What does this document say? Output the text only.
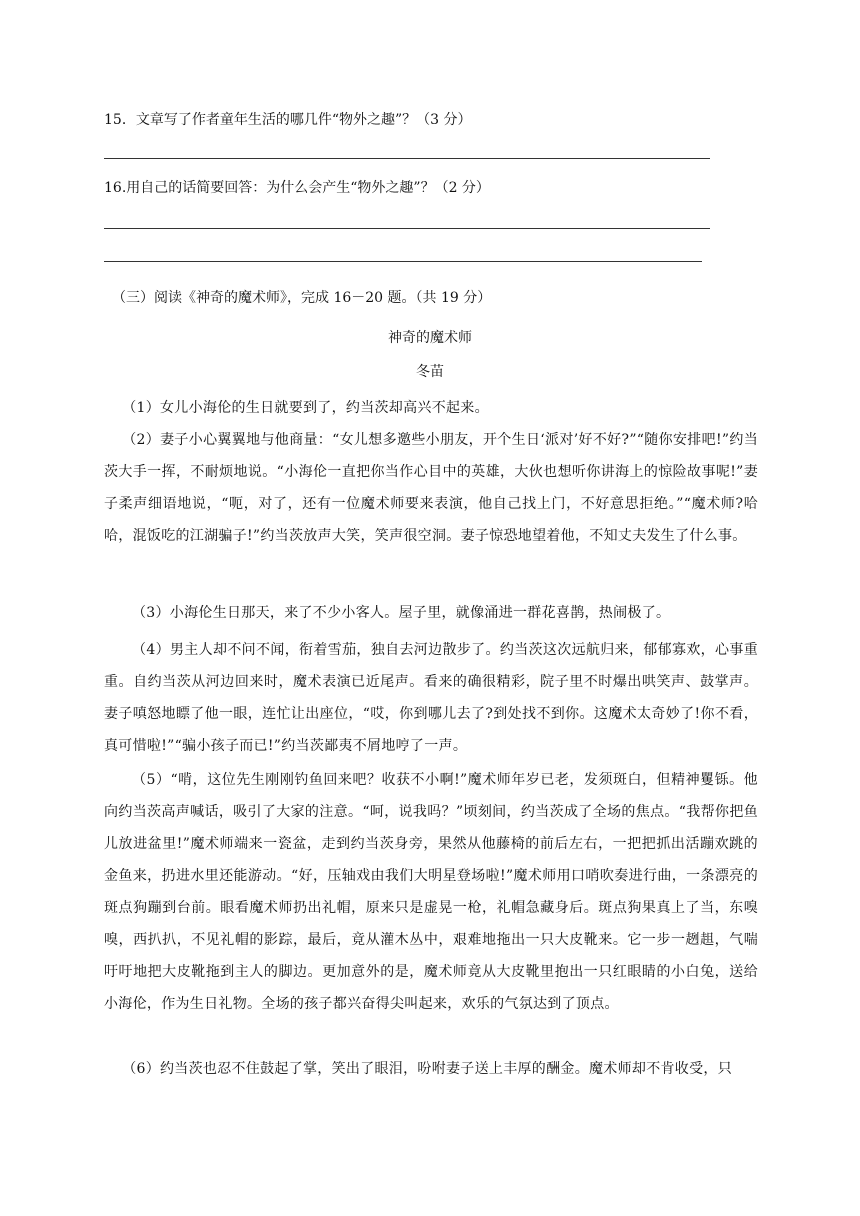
15．文章写了作者童年生活的哪几件“物外之趣”？（3 分）
16.用自己的话简要回答：为什么会产生“物外之趣”？（2 分）
（三）阅读《神奇的魔术师》，完成 16－20 题。（共 19 分）
神奇的魔术师
冬苗
（1）女儿小海伦的生日就要到了，约当茨却高兴不起来。
（2）妻子小心翼翼地与他商量：“女儿想多邀些小朋友，开个生日‘派对’好不好?”“随你安排吧!”约当茨大手一挥，不耐烦地说。“小海伦一直把你当作心目中的英雄，大伙也想听你讲海上的惊险故事呢!”妻子柔声细语地说，“呃，对了，还有一位魔术师要来表演，他自己找上门，不好意思拒绝。”“魔术师?哈哈，混饭吃的江湖骗子!”约当茨放声大笑，笑声很空洞。妻子惊恐地望着他，不知丈夫发生了什么事。
（3）小海伦生日那天，来了不少小客人。屋子里，就像涌进一群花喜鹊，热闹极了。
（4）男主人却不问不闻，衔着雪茄，独自去河边散步了。约当茨这次远航归来，郁郁寡欢，心事重重。自约当茨从河边回来时，魔术表演已近尾声。看来的确很精彩，院子里不时爆出哄笑声、鼓掌声。妻子嗔怒地瞟了他一眼，连忙让出座位，“哎，你到哪儿去了?到处找不到你。这魔术太奇妙了!你不看，真可惜啦!”“骗小孩子而已!”约当茨鄙夷不屑地哼了一声。
（5）“啃，这位先生刚刚钓鱼回来吧？收获不小啊!”魔术师年岁已老，发须斑白，但精神矍铄。他向约当茨高声喊话，吸引了大家的注意。“呵，说我吗？”顷刻间，约当茨成了全场的焦点。“我帮你把鱼儿放进盆里!”魔术师端来一瓷盆，走到约当茨身旁，果然从他藤椅的前后左右，一把把抓出活蹦欢跳的金鱼来，扔进水里还能游动。“好，压轴戏由我们大明星登场啦!”魔术师用口哨吹奏进行曲，一条漂亮的斑点狗蹦到台前。眼看魔术师扔出礼帽，原来只是虚晃一枪，礼帽急藏身后。斑点狗果真上了当，东嗅嗅，西扒扒，不见礼帽的影踪，最后，竟从灌木丛中，艰难地拖出一只大皮靴来。它一步一趔趄，气喘吁吁地把大皮靴拖到主人的脚边。更加意外的是，魔术师竟从大皮靴里抱出一只红眼睛的小白兔，送给小海伦，作为生日礼物。全场的孩子都兴奋得尖叫起来，欢乐的气氛达到了顶点。
（6）约当茨也忍不住鼓起了掌，笑出了眼泪，吩咐妻子送上丰厚的酬金。魔术师却不肯收受，只
